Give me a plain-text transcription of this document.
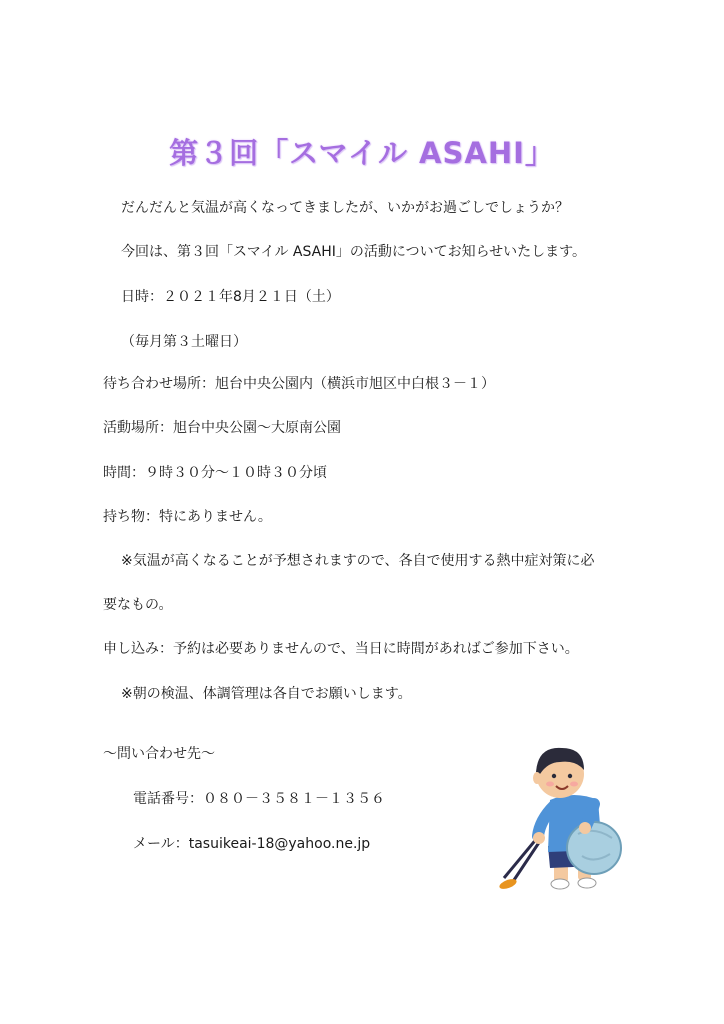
第３回「スマイル ASAHI」
だんだんと気温が高くなってきましたが、いかがお過ごしでしょうか？
今回は、第３回「スマイル ASAHI」の活動についてお知らせいたします。
日時：２０２１年8月２１日（土）
（毎月第３土曜日）
待ち合わせ場所：旭台中央公園内（横浜市旭区中白根３－１）
活動場所：旭台中央公園～大原南公園
時間：９時３０分～１０時３０分頃
持ち物：特にありません。
※気温が高くなることが予想されますので、各自で使用する熱中症対策に必
要なもの。
申し込み：予約は必要ありませんので、当日に時間があればご参加下さい。
※朝の検温、体調管理は各自でお願いします。
～問い合わせ先～
電話番号：０８０－３５８１－１３５６
メール：tasuikeai-18@yahoo.ne.jp
